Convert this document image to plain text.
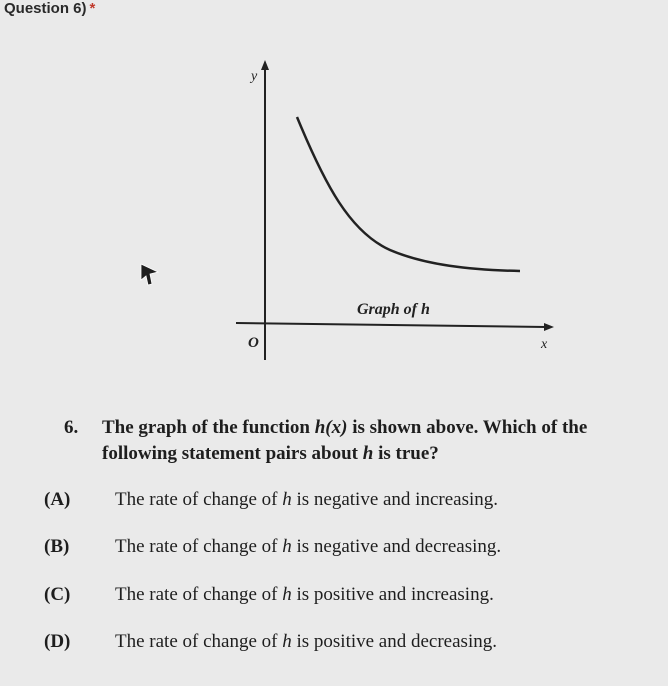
Question 6) *
y
O	x
Graph of h
6. The graph of the function h(x) is shown above. Which of the
following statement pairs about h is true?
(A) The rate of change of h is negative and increasing.
(B) The rate of change of h is negative and decreasing.
(C) The rate of change of h is positive and increasing.
(D) The rate of change of h is positive and decreasing.
